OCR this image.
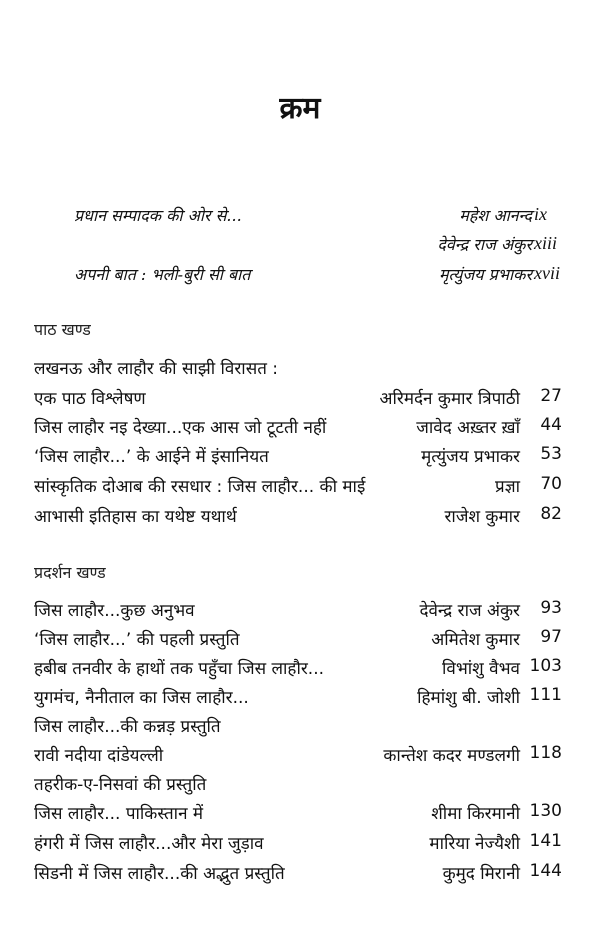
क्रम
प्रधान सम्पादक की ओर से...	महेश आनन्द ix
देवेन्द्र राज अंकुर xiii
अपनी बात : भली-बुरी सी बात	मृत्युंजय प्रभाकर xvii
पाठ खण्ड
लखनऊ और लाहौर की साझी विरासत :
एक पाठ विश्लेषण	अरिमर्दन कुमार त्रिपाठी	27
जिस लाहौर नइ देख्या...एक आस जो टूटती नहीं	जावेद अख़्तर ख़ाँ	44
‘जिस लाहौर...’ के आईने में इंसानियत	मृत्युंजय प्रभाकर	53
सांस्कृतिक दोआब की रसधार : जिस लाहौर... की माई	प्रज्ञा	70
आभासी इतिहास का यथेष्ट यथार्थ	राजेश कुमार	82
प्रदर्शन खण्ड
जिस लाहौर...कुछ अनुभव	देवेन्द्र राज अंकुर	93
‘जिस लाहौर...’ की पहली प्रस्तुति	अमितेश कुमार	97
हबीब तनवीर के हाथों तक पहुँचा जिस लाहौर...	विभांशु वैभव 103
युगमंच, नैनीताल का जिस लाहौर...	हिमांशु बी. जोशी 111
जिस लाहौर...की कन्नड़ प्रस्तुति
रावी नदीया दांडेयल्ली	कान्तेश कदर मण्डलगी 118
तहरीक-ए-निसवां की प्रस्तुति
जिस लाहौर... पाकिस्तान में	शीमा किरमानी 130
हंगरी में जिस लाहौर...और मेरा जुड़ाव	मारिया नेज्यैशी 141
सिडनी में जिस लाहौर...की अद्भुत प्रस्तुति	कुमुद मिरानी 144
